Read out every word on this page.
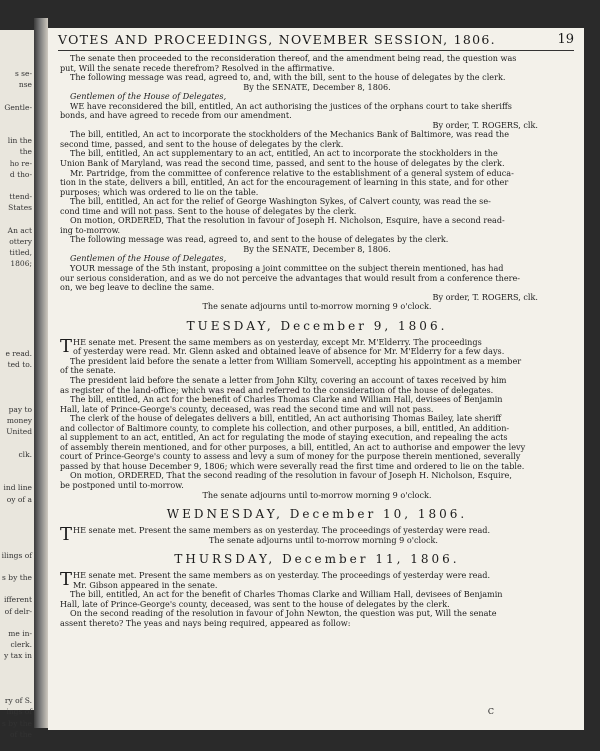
s se-
nse
Gentle-
lin the
the
ho re-
d tho-
ttend-
States
An act
ottery
titled,
1806;
e read.
ted to.
pay to
money
United
clk.
ind line
oy of a
ilings of
s by the
ifferent
of delr-
me in-
clerk.
y tax in
ry of S.
ings of
s by the
of the
VOTES AND PROCEEDINGS, NOVEMBER SESSION, 1806.	19
The senate then proceeded to the reconsideration thereof, and the amendment being read, the question was
put, Will the senate recede therefrom? Resolved in the affirmative.
The following message was read, agreed to, and, with the bill, sent to the house of delegates by the clerk.
By the SENATE, December 8, 1806.
Gentlemen of the House of Delegates,
WE have reconsidered the bill, entitled, An act authorising the justices of the orphans court to take sheriffs
bonds, and have agreed to recede from our amendment.
By order, T. ROGERS, clk.
The bill, entitled, An act to incorporate the stockholders of the Mechanics Bank of Baltimore, was read the
second time, passed, and sent to the house of delegates by the clerk.
The bill, entitled, An act supplementary to an act, entitled, An act to incorporate the stockholders in the
Union Bank of Maryland, was read the second time, passed, and sent to the house of delegates by the clerk.
Mr. Partridge, from the committee of conference relative to the establishment of a general system of educa-
tion in the state, delivers a bill, entitled, An act for the encouragement of learning in this state, and for other
purposes; which was ordered to lie on the table.
The bill, entitled, An act for the relief of George Washington Sykes, of Calvert county, was read the se-
cond time and will not pass. Sent to the house of delegates by the clerk.
On motion, ORDERED, That the resolution in favour of Joseph H. Nicholson, Esquire, have a second read-
ing to-morrow.
The following message was read, agreed to, and sent to the house of delegates by the clerk.
By the SENATE, December 8, 1806.
Gentlemen of the House of Delegates,
YOUR message of the 5th instant, proposing a joint committee on the subject therein mentioned, has had
our serious consideration, and as we do not perceive the advantages that would result from a conference there-
on, we beg leave to decline the same.
By order, T. ROGERS, clk.
The senate adjourns until to-morrow morning 9 o'clock.
TUESDAY, December 9, 1806.
THE senate met. Present the same members as on yesterday, except Mr. M'Elderry. The proceedings
of yesterday were read. Mr. Glenn asked and obtained leave of absence for Mr. M'Elderry for a few days.
The president laid before the senate a letter from William Somervell, accepting his appointment as a member
of the senate.
The president laid before the senate a letter from John Kilty, covering an account of taxes received by him
as register of the land-office; which was read and referred to the consideration of the house of delegates.
The bill, entitled, An act for the benefit of Charles Thomas Clarke and William Hall, devisees of Benjamin
Hall, late of Prince-George's county, deceased, was read the second time and will not pass.
The clerk of the house of delegates delivers a bill, entitled, An act authorising Thomas Bailey, late sheriff
and collector of Baltimore county, to complete his collection, and other purposes, a bill, entitled, An addition-
al supplement to an act, entitled, An act for regulating the mode of staying execution, and repealing the acts
of assembly therein mentioned, and for other purposes, a bill, entitled, An act to authorise and empower the levy
court of Prince-George's county to assess and levy a sum of money for the purpose therein mentioned, severally
passed by that house December 9, 1806; which were severally read the first time and ordered to lie on the table.
On motion, ORDERED, That the second reading of the resolution in favour of Joseph H. Nicholson, Esquire,
be postponed until to-morrow.
The senate adjourns until to-morrow morning 9 o'clock.
WEDNESDAY, December 10, 1806.
THE senate met. Present the same members as on yesterday. The proceedings of yesterday were read.
The senate adjourns until to-morrow morning 9 o'clock.
THURSDAY, December 11, 1806.
THE senate met. Present the same members as on yesterday. The proceedings of yesterday were read.
Mr. Gibson appeared in the senate.
The bill, entitled, An act for the benefit of Charles Thomas Clarke and William Hall, devisees of Benjamin
Hall, late of Prince-George's county, deceased, was sent to the house of delegates by the clerk.
On the second reading of the resolution in favour of John Newton, the question was put, Will the senate
assent thereto? The yeas and nays being required, appeared as follow:
C
